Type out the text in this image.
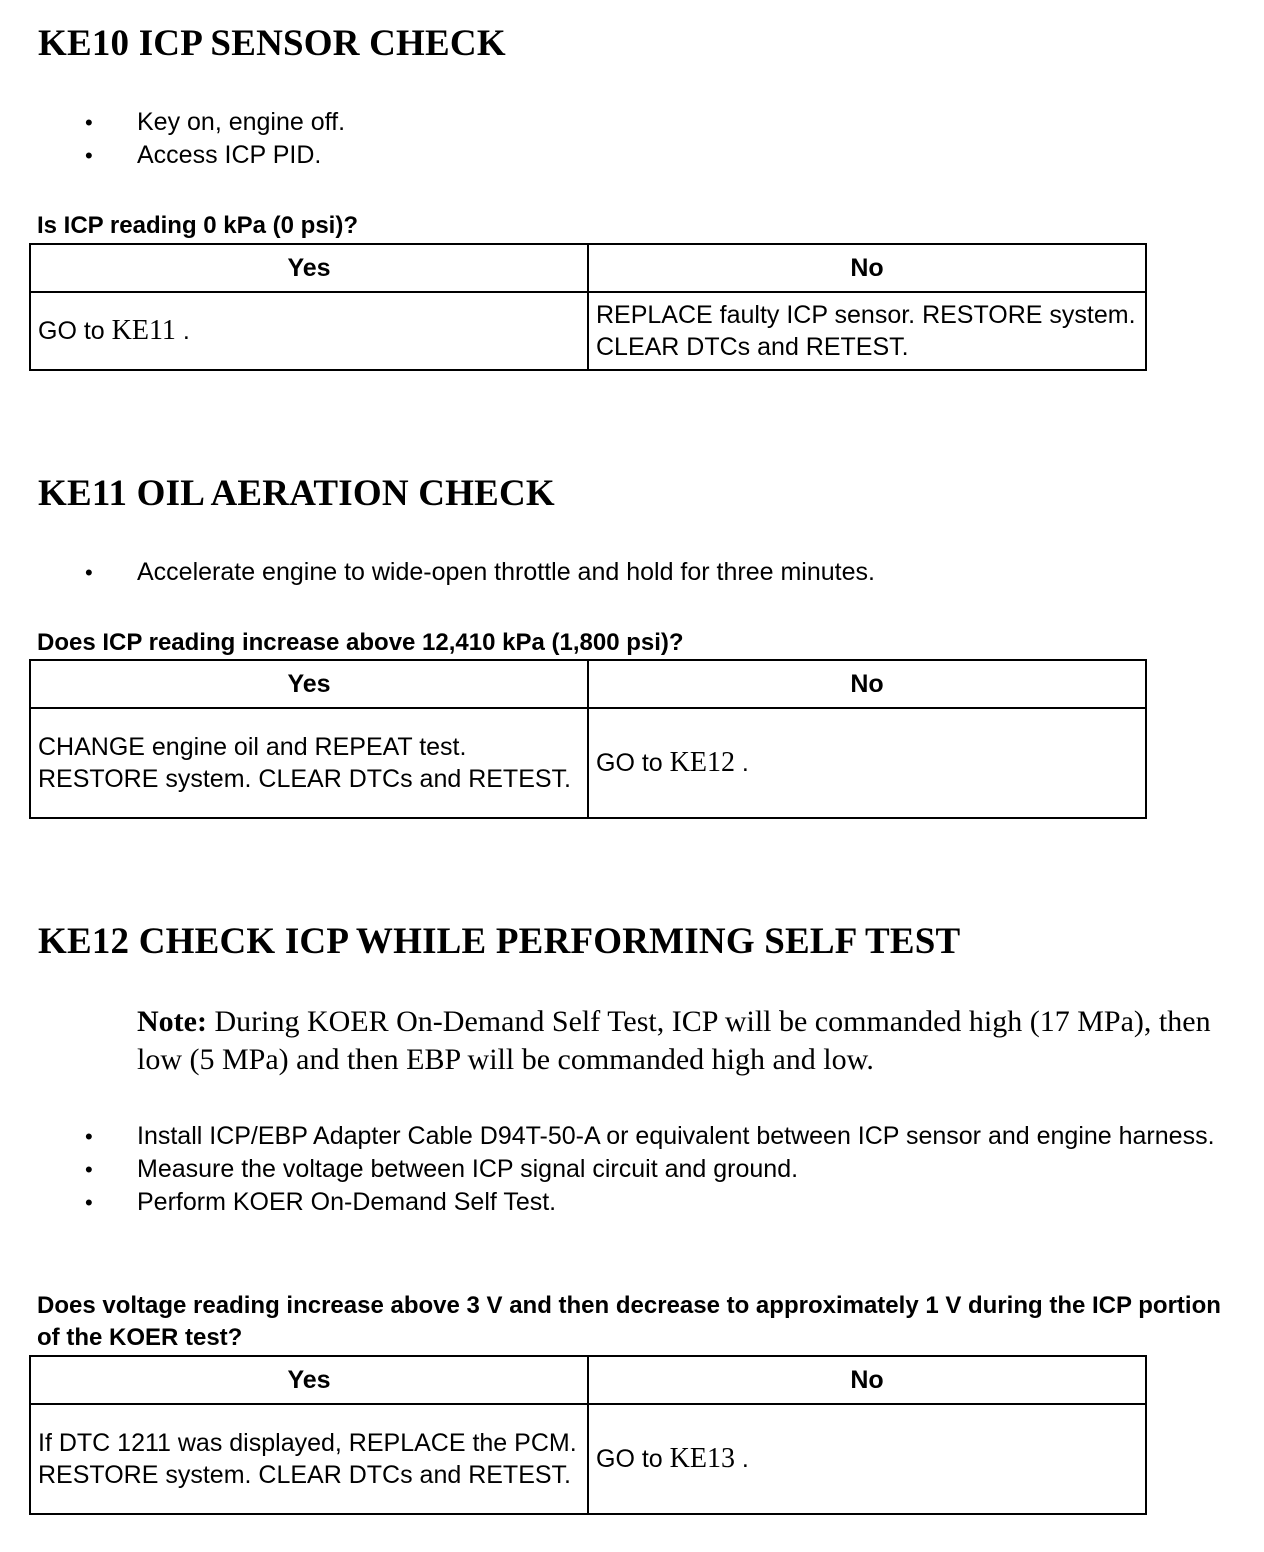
KE10 ICP SENSOR CHECK
• Key on, engine off.
• Access ICP PID.

Is ICP reading 0 kPa (0 psi)?

Yes	No
GO to KE11 .	REPLACE faulty ICP sensor. RESTORE system. CLEAR DTCs and RETEST.
KE11 OIL AERATION CHECK
• Accelerate engine to wide-open throttle and hold for three minutes.

Does ICP reading increase above 12,410 kPa (1,800 psi)?

Yes	No
CHANGE engine oil and REPEAT test. RESTORE system. CLEAR DTCs and RETEST.	GO to KE12 .
KE12 CHECK ICP WHILE PERFORMING SELF TEST

Note: During KOER On-Demand Self Test, ICP will be commanded high (17 MPa), then low (5 MPa) and then EBP will be commanded high and low.

• Install ICP/EBP Adapter Cable D94T-50-A or equivalent between ICP sensor and engine harness.
• Measure the voltage between ICP signal circuit and ground.
• Perform KOER On-Demand Self Test.

Does voltage reading increase above 3 V and then decrease to approximately 1 V during the ICP portion of the KOER test?

Yes	No
If DTC 1211 was displayed, REPLACE the PCM. RESTORE system. CLEAR DTCs and RETEST.	GO to KE13 .
